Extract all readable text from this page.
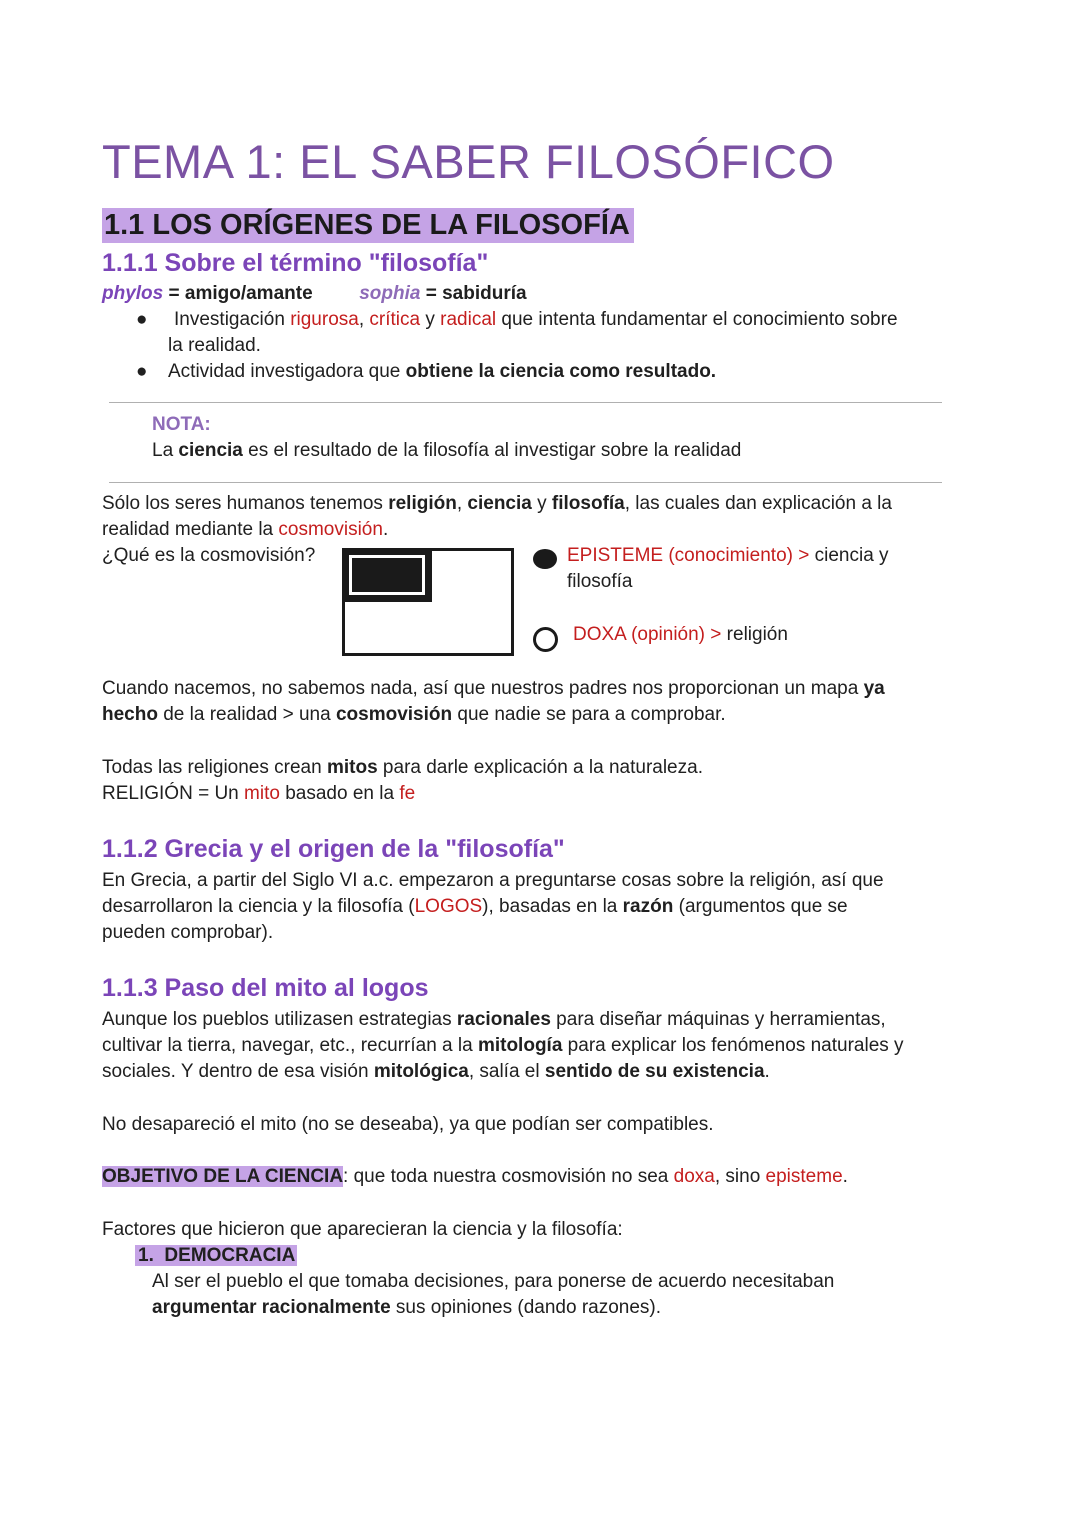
TEMA 1: EL SABER FILOSÓFICO
1.1 LOS ORÍGENES DE LA FILOSOFÍA
1.1.1 Sobre el término "filosofía"
phylos = amigo/amante sophia = sabiduría
● Investigación rigurosa, crítica y radical que intenta fundamentar el conocimiento sobre
la realidad.
● Actividad investigadora que obtiene la ciencia como resultado.
NOTA:
La ciencia es el resultado de la filosofía al investigar sobre la realidad
Sólo los seres humanos tenemos religión, ciencia y filosofía, las cuales dan explicación a la
realidad mediante la cosmovisión.
¿Qué es la cosmovisión?	EPISTEME (conocimiento) > ciencia y
filosofía
DOXA (opinión) > religión
Cuando nacemos, no sabemos nada, así que nuestros padres nos proporcionan un mapa ya
hecho de la realidad > una cosmovisión que nadie se para a comprobar.
Todas las religiones crean mitos para darle explicación a la naturaleza.
RELIGIÓN = Un mito basado en la fe
1.1.2 Grecia y el origen de la "filosofía"
En Grecia, a partir del Siglo VI a.c. empezaron a preguntarse cosas sobre la religión, así que
desarrollaron la ciencia y la filosofía (LOGOS), basadas en la razón (argumentos que se
pueden comprobar).
1.1.3 Paso del mito al logos
Aunque los pueblos utilizasen estrategias racionales para diseñar máquinas y herramientas,
cultivar la tierra, navegar, etc., recurrían a la mitología para explicar los fenómenos naturales y
sociales. Y dentro de esa visión mitológica, salía el sentido de su existencia.
No desapareció el mito (no se deseaba), ya que podían ser compatibles.
OBJETIVO DE LA CIENCIA: que toda nuestra cosmovisión no sea doxa, sino episteme.
Factores que hicieron que aparecieran la ciencia y la filosofía:
1. DEMOCRACIA
Al ser el pueblo el que tomaba decisiones, para ponerse de acuerdo necesitaban
argumentar racionalmente sus opiniones (dando razones).
